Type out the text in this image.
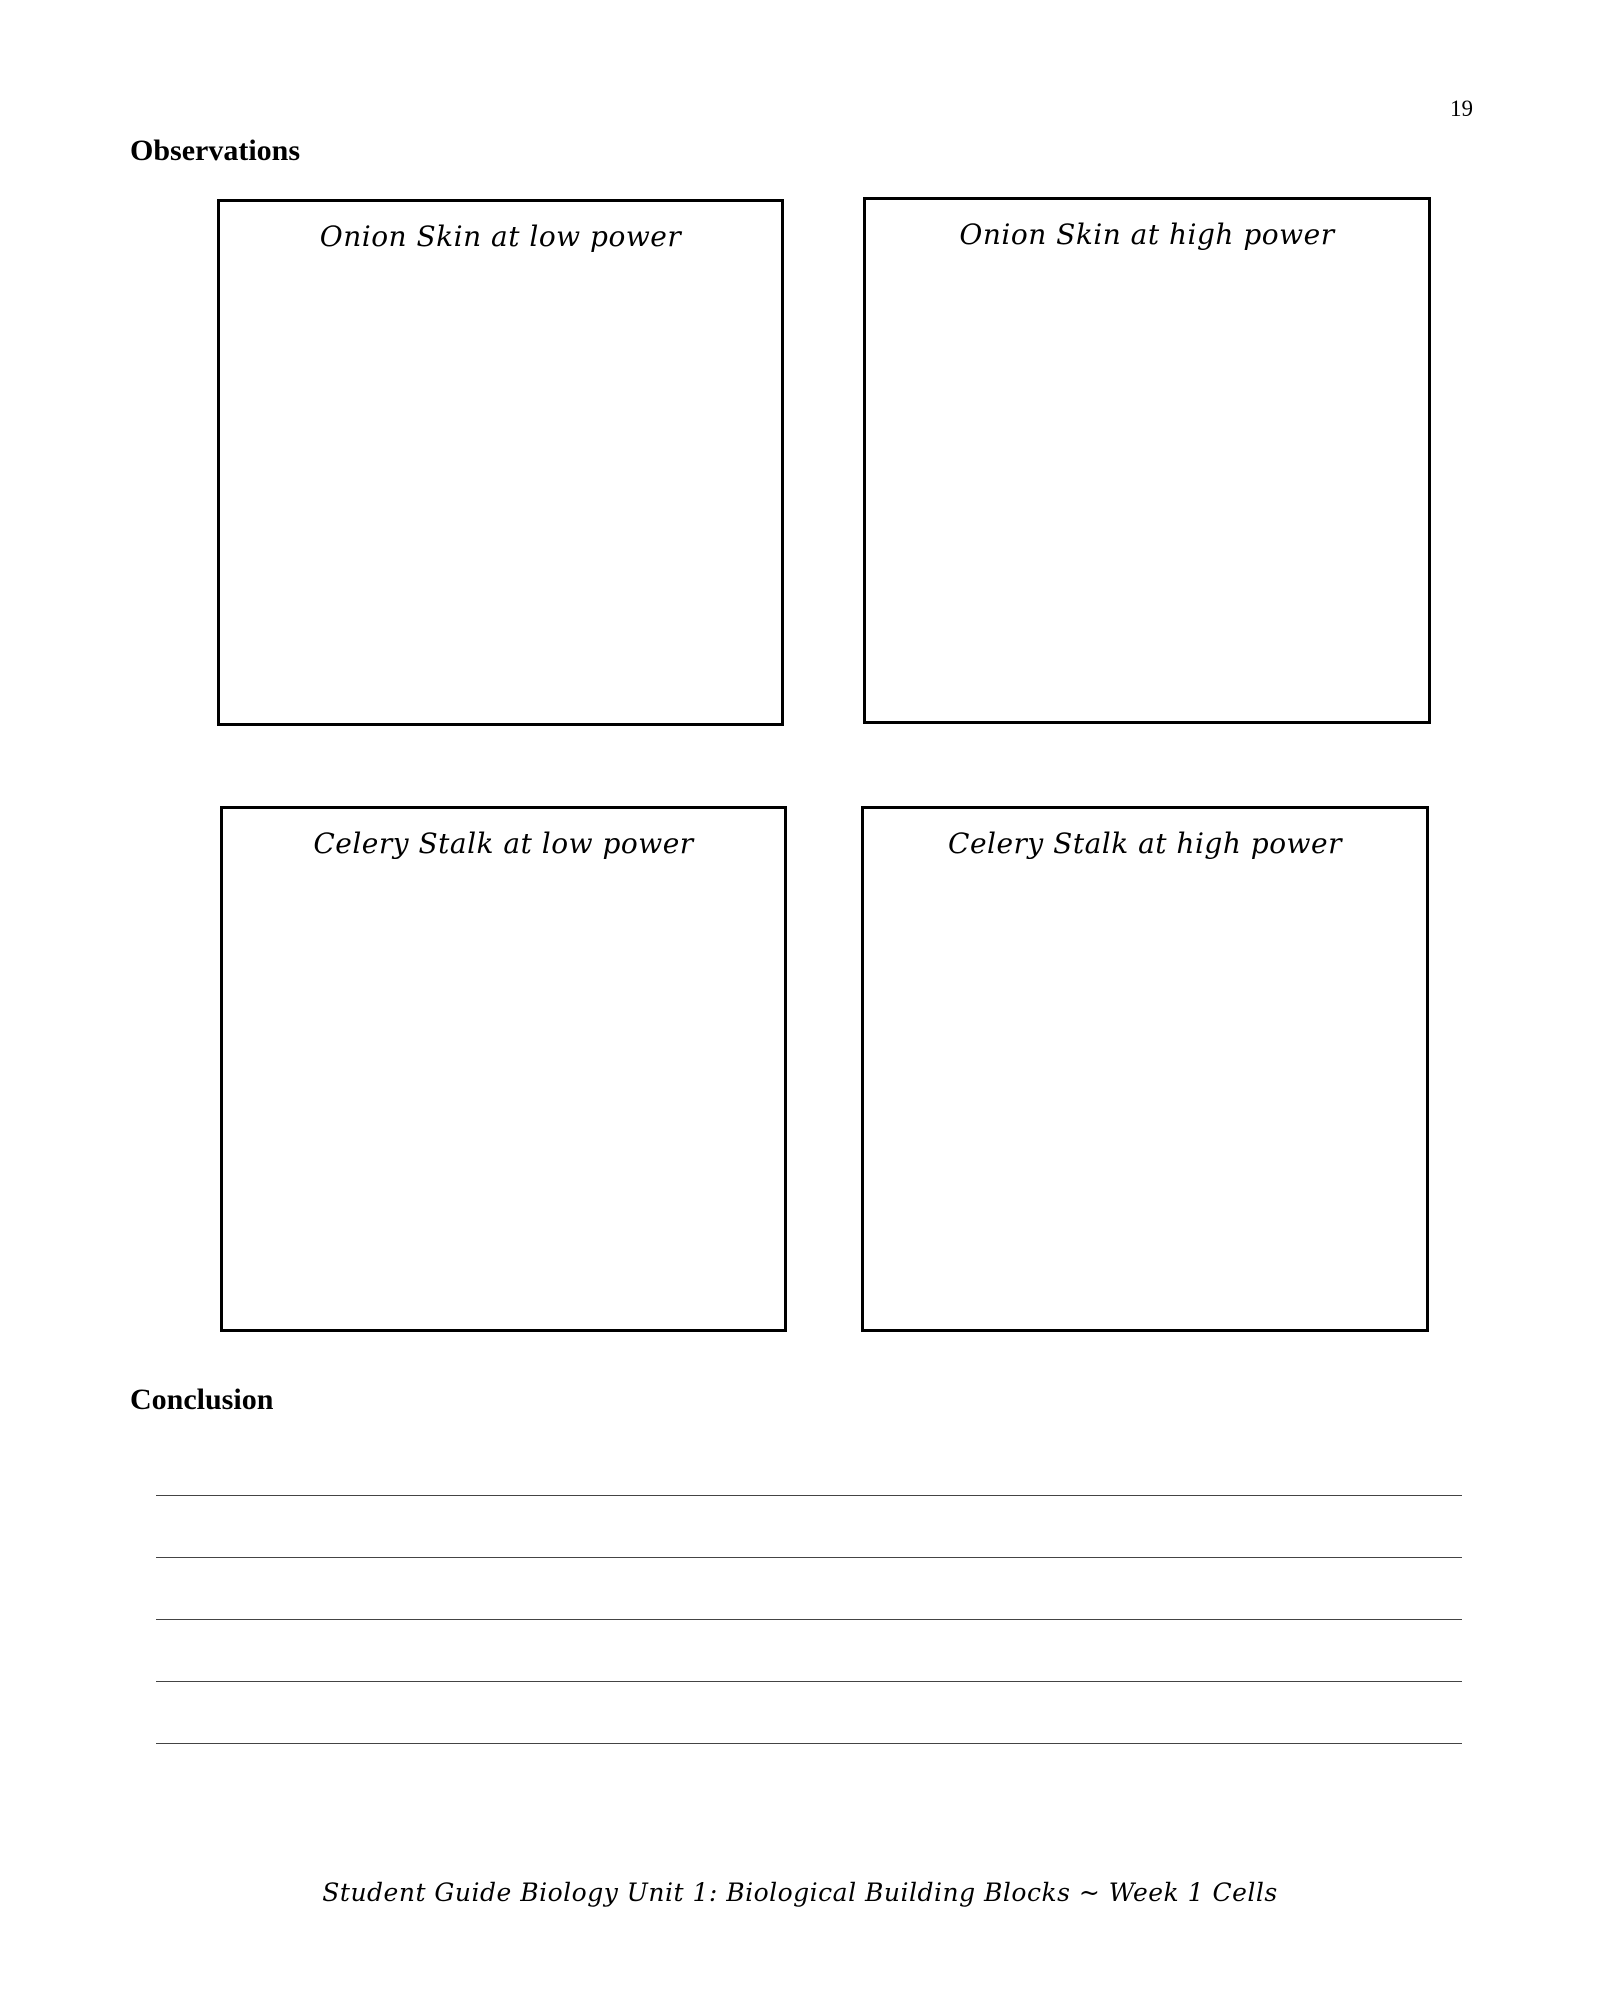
19
Observations
Onion Skin at low power	Onion Skin at high power
Celery Stalk at low power	Celery Stalk at high power
Conclusion
Student Guide Biology Unit 1: Biological Building Blocks ~ Week 1 Cells
